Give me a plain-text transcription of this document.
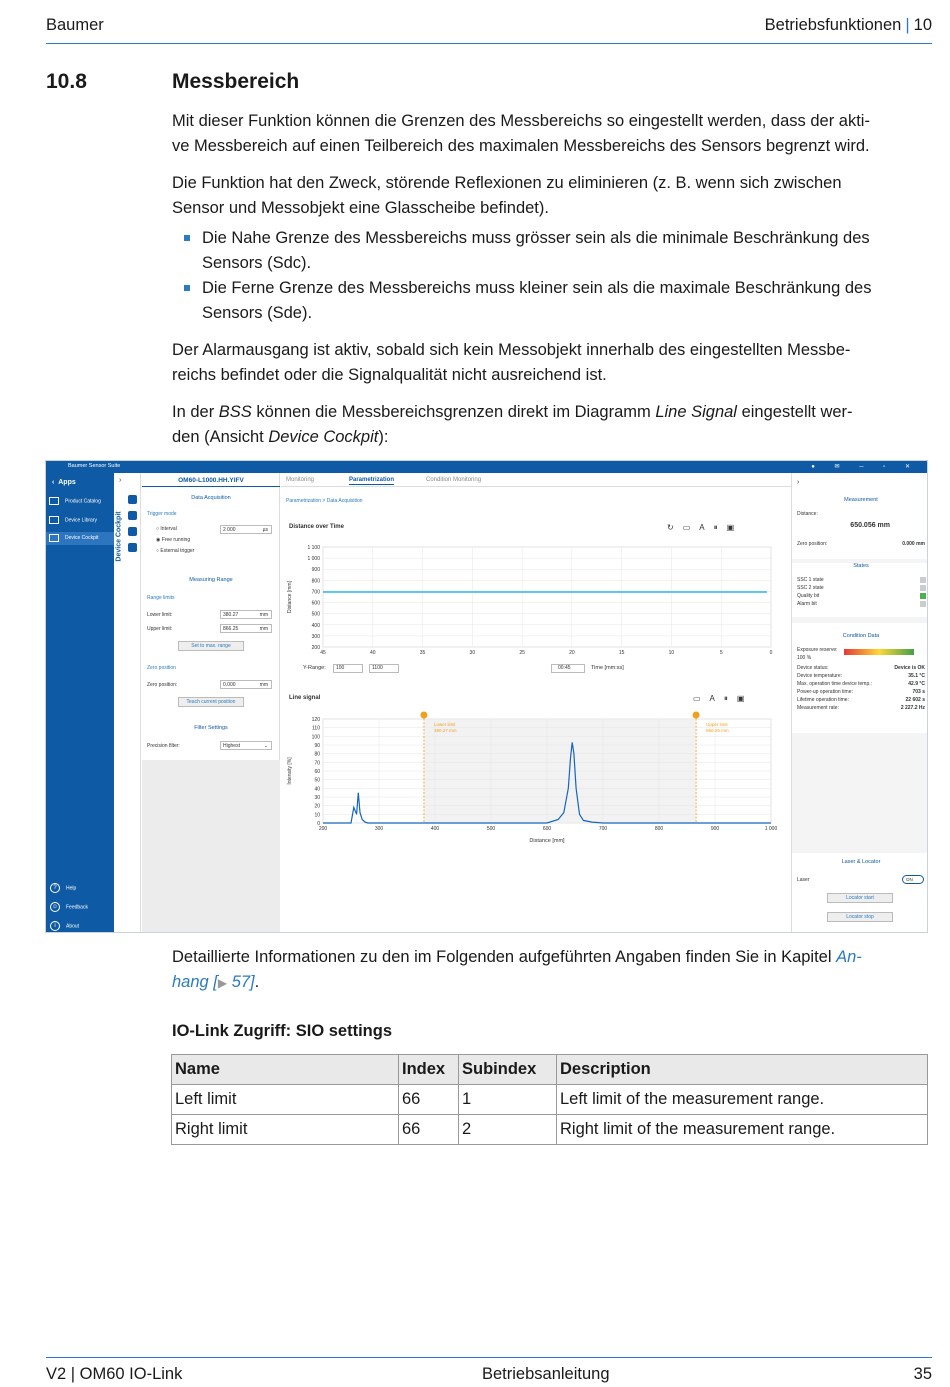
Baumer	Betriebsfunktionen | 10
10.8	Messbereich

Mit dieser Funktion können die Grenzen des Messbereichs so eingestellt werden, dass der akti-
ve Messbereich auf einen Teilbereich des maximalen Messbereichs des Sensors begrenzt wird.

Die Funktion hat den Zweck, störende Reflexionen zu eliminieren (z. B. wenn sich zwischen
Sensor und Messobjekt eine Glasscheibe befindet).

Die Nahe Grenze des Messbereichs muss grösser sein als die minimale Beschränkung des
Sensors (Sdc).
Die Ferne Grenze des Messbereichs muss kleiner sein als die maximale Beschränkung des
Sensors (Sde).

Der Alarmausgang ist aktiv, sobald sich kein Messobjekt innerhalb des eingestellten Messbe-
reichs befindet oder die Signalqualität nicht ausreichend ist.

In der BSS können die Messbereichsgrenzen direkt im Diagramm Line Signal eingestellt wer-
den (Ansicht Device Cockpit):

Baumer Sensor Suite	● ✉ ─ ▫ ✕
‹  Apps
Product Catalog
Device Library
Device Cockpit
? Help
☺ Feedback
i About
›
Device Cockpit
OM60-L1000.HH.YIFV
Data Acquisition
Trigger mode
○ Interval	2 000	µs
◉ Free running
○ External trigger
Measuring Range
Range limits
Lower limit:	380.27	mm
Upper limit:	866.25	mm
Set to max. range
Zero position
Zero position:	0.000	mm
Teach current position
Filter Settings
Precision filter:	Highest	⌄
Monitoring	Parametrization	Condition Monitoring
Parametrization > Data Acquisition
Distance over Time	↻▭A⏸▣
1 100
1 000
900
800
700
600
500
400
300
200
45	40	35	30	25	20	15	10	5	0
Distance [mm]
Y-Range:	100	1100	00:45	Time [mm:ss]
Line signal	▭A⏸▣
120
110
100
90
80
70
60
50
40
30
20
10
0
200	300	400	500	600	700	800	900	1 000
Lower limit
380.27 mm
Upper limit
866.25 mm
Distance [mm]
Intensity [%]
›
Measurement
Distance:
650.056 mm
Zero position:	0.000 mm
States
SSC 1 state
SSC 2 state
Quality bit
Alarm bit
Condition Data
Exposure reserve:
100 %
Device status:	Device is OK
Device temperature:	35.1 °C
Max. operation time device temp.:	42.9 °C
Power-up operation time:	703 s
Lifetime operation time:	22 602 s
Measurement rate:	2 227.2 Hz
Laser & Locator
Laser	ON
Locator start
Locator stop

Detaillierte Informationen zu den im Folgenden aufgeführten Angaben finden Sie in Kapitel An-
hang [▶ 57].

IO-Link Zugriff: SIO settings
Name	Index	Subindex	Description
Left limit	66	1	Left limit of the measurement range.
Right limit	66	2	Right limit of the measurement range.
V2 | OM60 IO-Link	Betriebsanleitung	35
